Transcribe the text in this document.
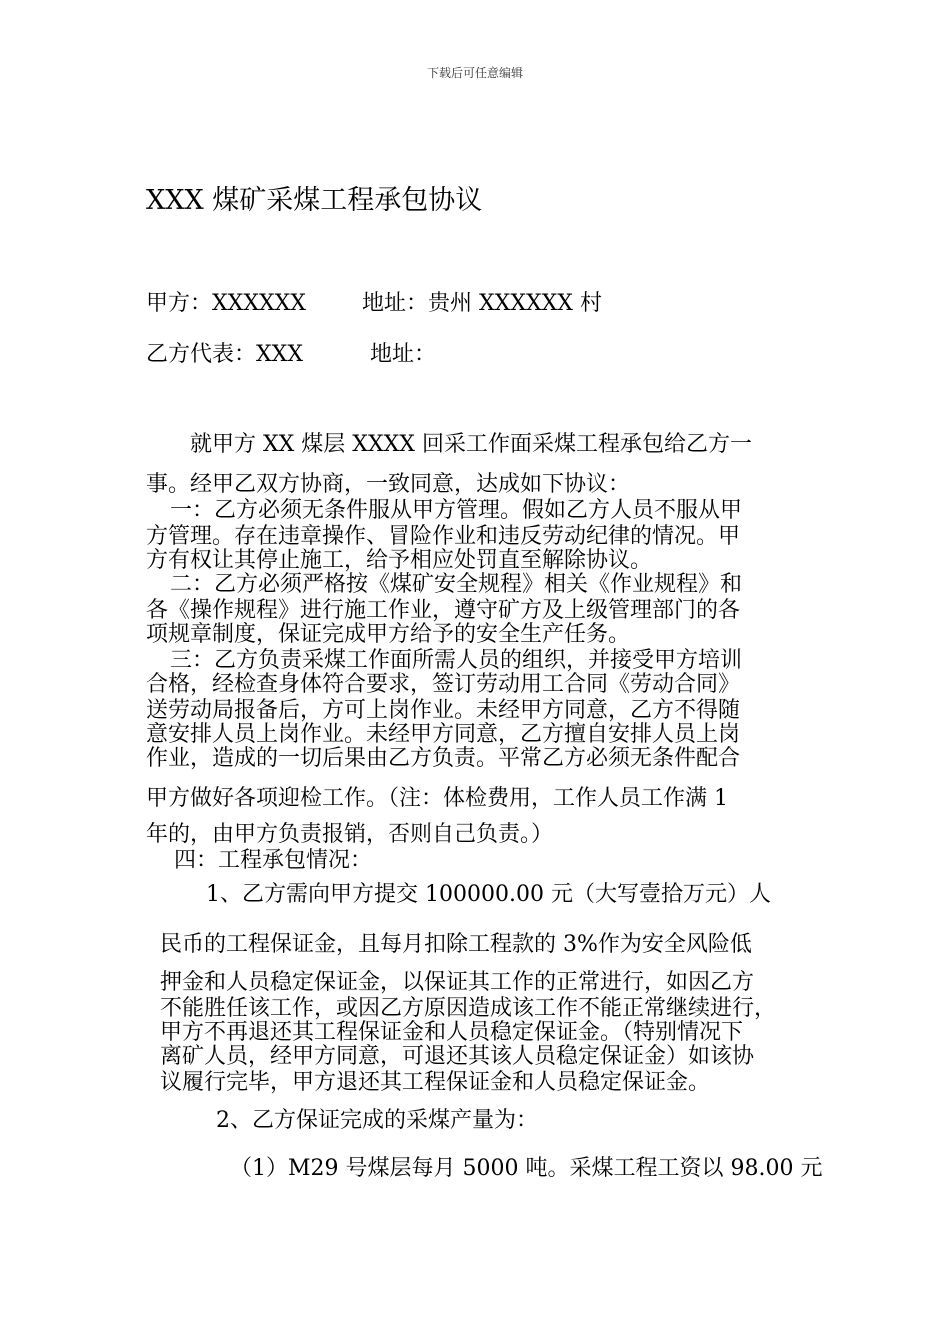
下载后可任意编辑
XXX 煤矿采煤工程承包协议
甲方：XXXXXX	地址：贵州 XXXXXX 村
乙方代表：XXX	地址：
就甲方 XX 煤层 XXXX 回采工作面采煤工程承包给乙方一
事。经甲乙双方协商，一致同意，达成如下协议：
一：乙方必须无条件服从甲方管理。假如乙方人员不服从甲
方管理。存在违章操作、冒险作业和违反劳动纪律的情况。甲
方有权让其停止施工，给予相应处罚直至解除协议。
二：乙方必须严格按《煤矿安全规程》相关《作业规程》和
各《操作规程》进行施工作业，遵守矿方及上级管理部门的各
项规章制度，保证完成甲方给予的安全生产任务。
三：乙方负责采煤工作面所需人员的组织，并接受甲方培训
合格，经检查身体符合要求，签订劳动用工合同《劳动合同》
送劳动局报备后，方可上岗作业。未经甲方同意，乙方不得随
意安排人员上岗作业。未经甲方同意，乙方擅自安排人员上岗
作业，造成的一切后果由乙方负责。平常乙方必须无条件配合
甲方做好各项迎检工作。（注：体检费用，工作人员工作满 1
年的，由甲方负责报销，否则自己负责。）
四：工程承包情况：
1、乙方需向甲方提交 100000.00 元（大写壹拾万元）人
民币的工程保证金，且每月扣除工程款的 3%作为安全风险低
押金和人员稳定保证金，以保证其工作的正常进行，如因乙方
不能胜任该工作，或因乙方原因造成该工作不能正常继续进行，
甲方不再退还其工程保证金和人员稳定保证金。（特别情况下
离矿人员，经甲方同意，可退还其该人员稳定保证金）如该协
议履行完毕，甲方退还其工程保证金和人员稳定保证金。
2、乙方保证完成的采煤产量为：
（1）M29 号煤层每月 5000 吨。采煤工程工资以 98.00 元
